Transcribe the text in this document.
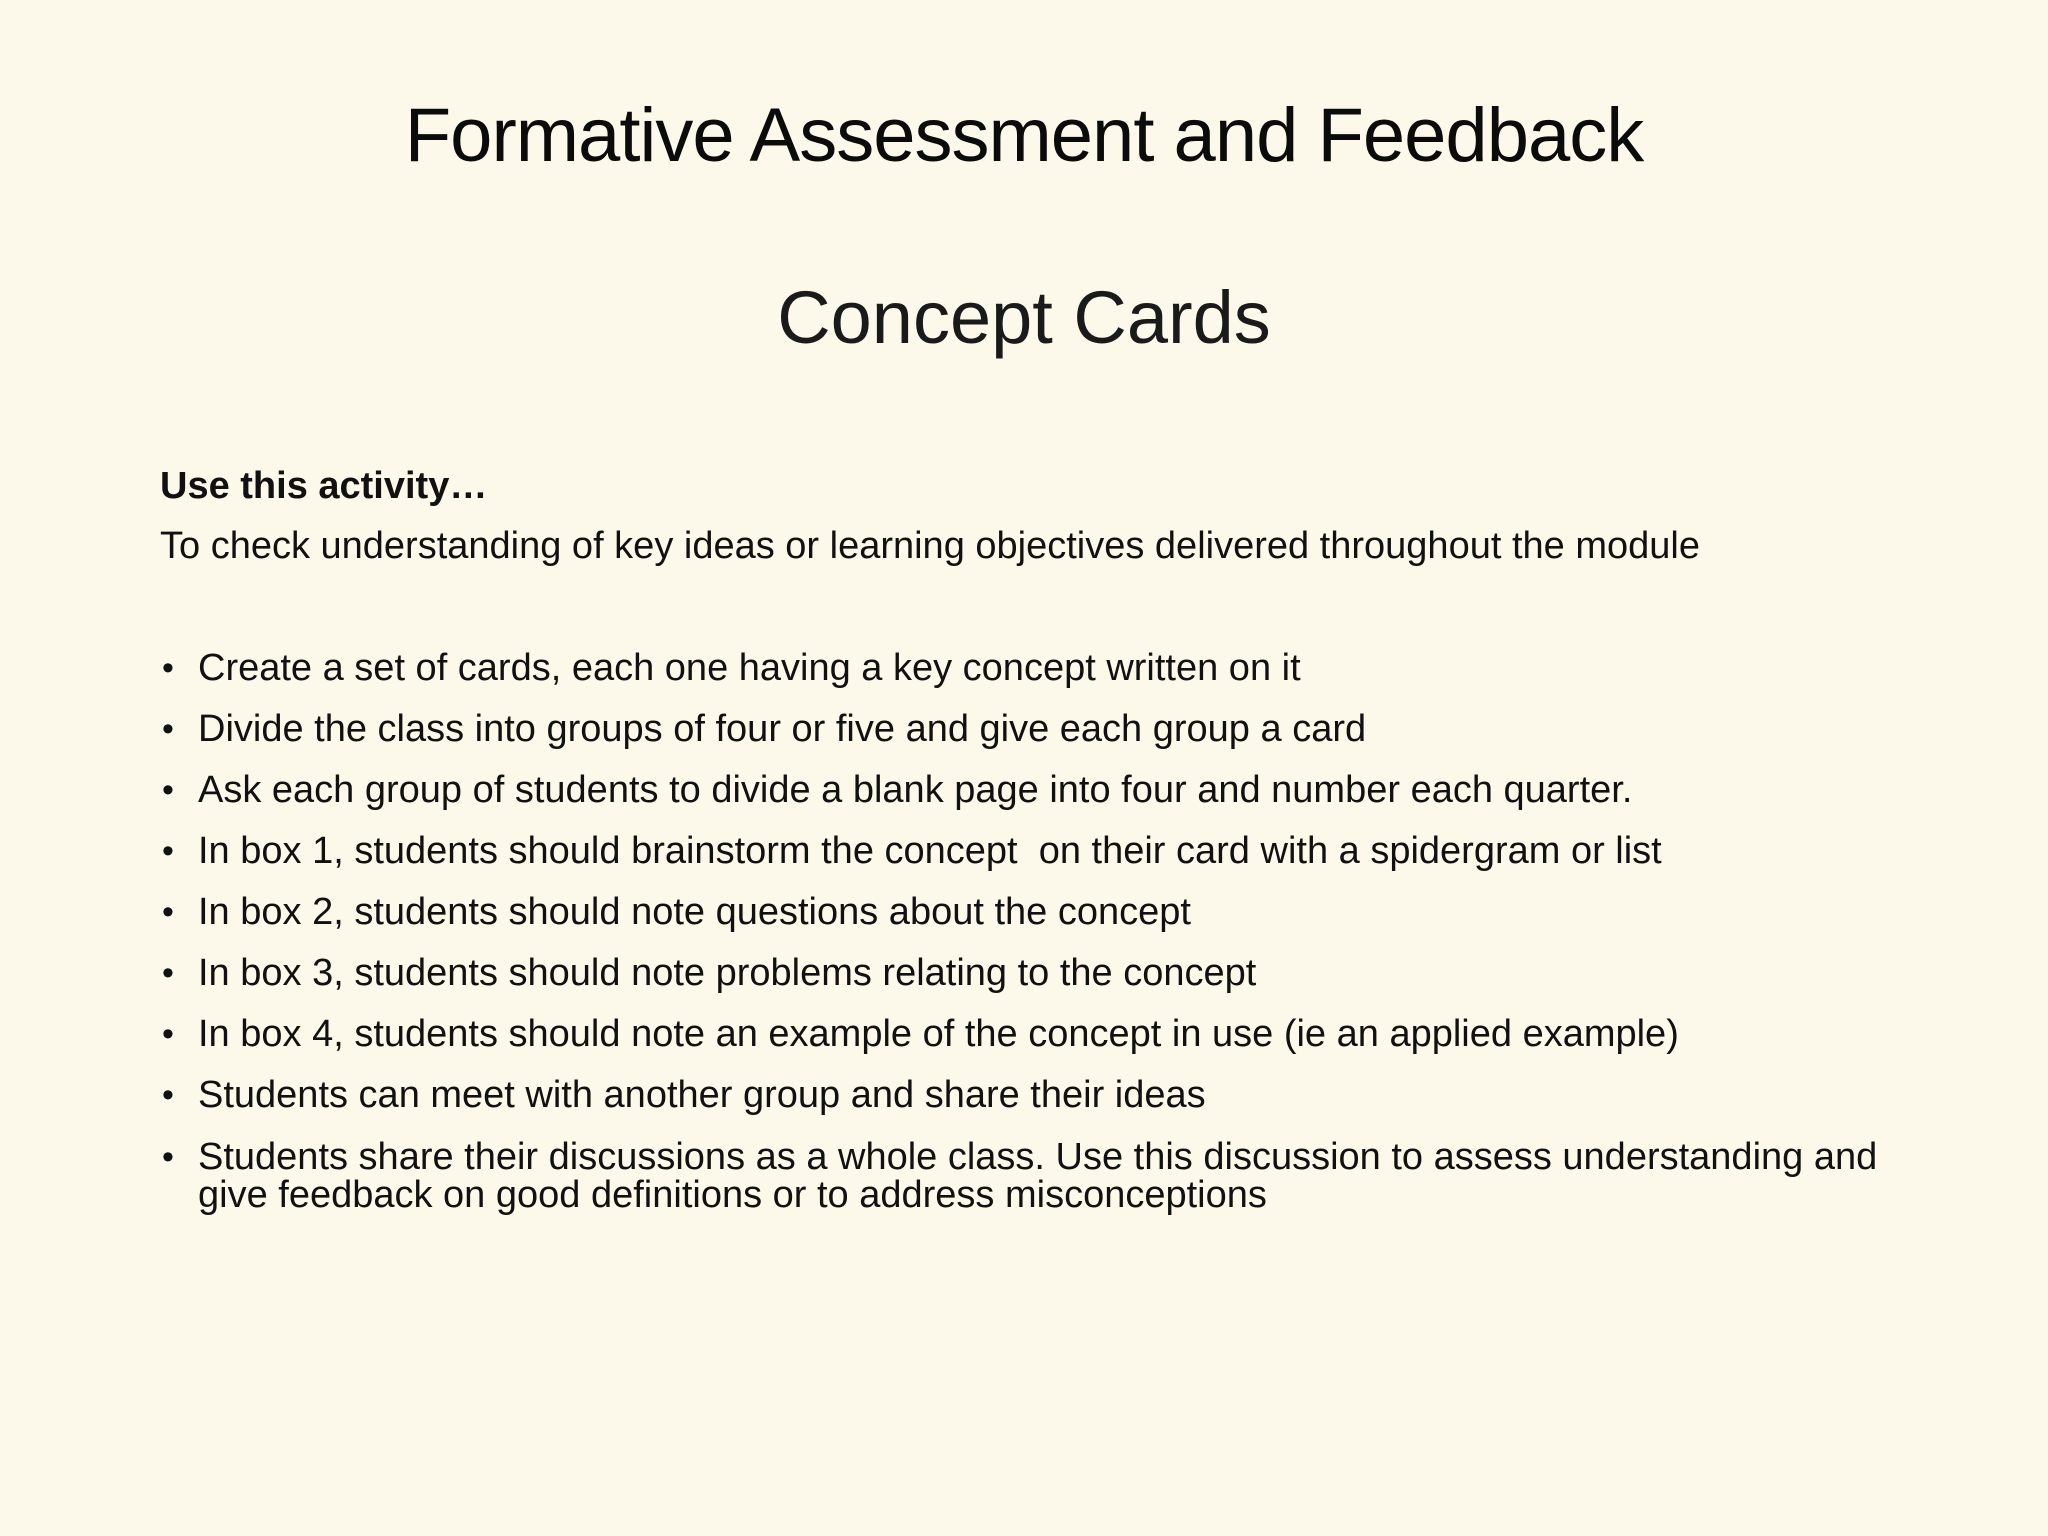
Formative Assessment and Feedback
Concept Cards

Use this activity…

To check understanding of key ideas or learning objectives delivered throughout the module

• Create a set of cards, each one having a key concept written on it
• Divide the class into groups of four or five and give each group a card
• Ask each group of students to divide a blank page into four and number each quarter.
• In box 1, students should brainstorm the concept  on their card with a spidergram or list
• In box 2, students should note questions about the concept
• In box 3, students should note problems relating to the concept
• In box 4, students should note an example of the concept in use (ie an applied example)
• Students can meet with another group and share their ideas
• Students share their discussions as a whole class. Use this discussion to assess understanding and give feedback on good definitions or to address misconceptions
